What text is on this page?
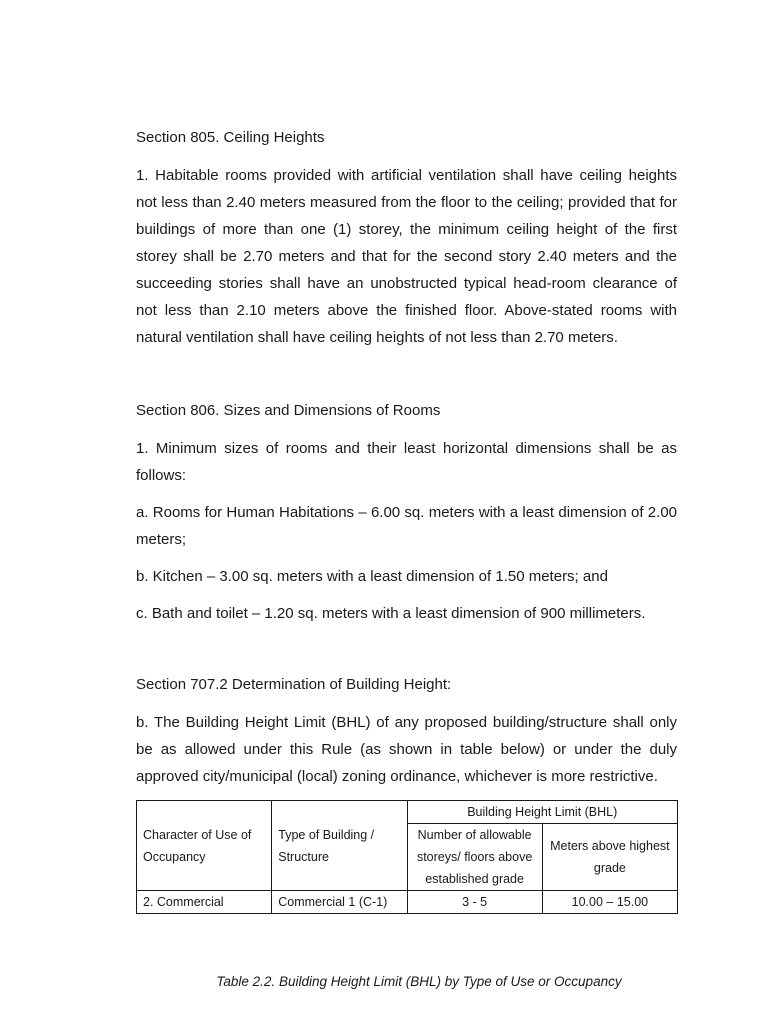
Section 805. Ceiling Heights

1. Habitable rooms provided with artificial ventilation shall have ceiling heights not less than 2.40 meters measured from the floor to the ceiling; provided that for buildings of more than one (1) storey, the minimum ceiling height of the first storey shall be 2.70 meters and that for the second story 2.40 meters and the succeeding stories shall have an unobstructed typical head-room clearance of not less than 2.10 meters above the finished floor. Above-stated rooms with natural ventilation shall have ceiling heights of not less than 2.70 meters.

Section 806. Sizes and Dimensions of Rooms

1. Minimum sizes of rooms and their least horizontal dimensions shall be as follows:

a. Rooms for Human Habitations – 6.00 sq. meters with a least dimension of 2.00 meters;

b. Kitchen – 3.00 sq. meters with a least dimension of 1.50 meters; and

c. Bath and toilet – 1.20 sq. meters with a least dimension of 900 millimeters.

Section 707.2 Determination of Building Height:

b. The Building Height Limit (BHL) of any proposed building/structure shall only be as allowed under this Rule (as shown in table below) or under the duly approved city/municipal (local) zoning ordinance, whichever is more restrictive.

Character of Use of Occupancy	Type of Building / Structure	Building Height Limit (BHL)	
		Number of allowable storeys/ floors above established grade	Meters above highest grade
2. Commercial	Commercial 1 (C-1)	3 - 5	10.00 – 15.00
Table 2.2. Building Height Limit (BHL) by Type of Use or Occupancy
